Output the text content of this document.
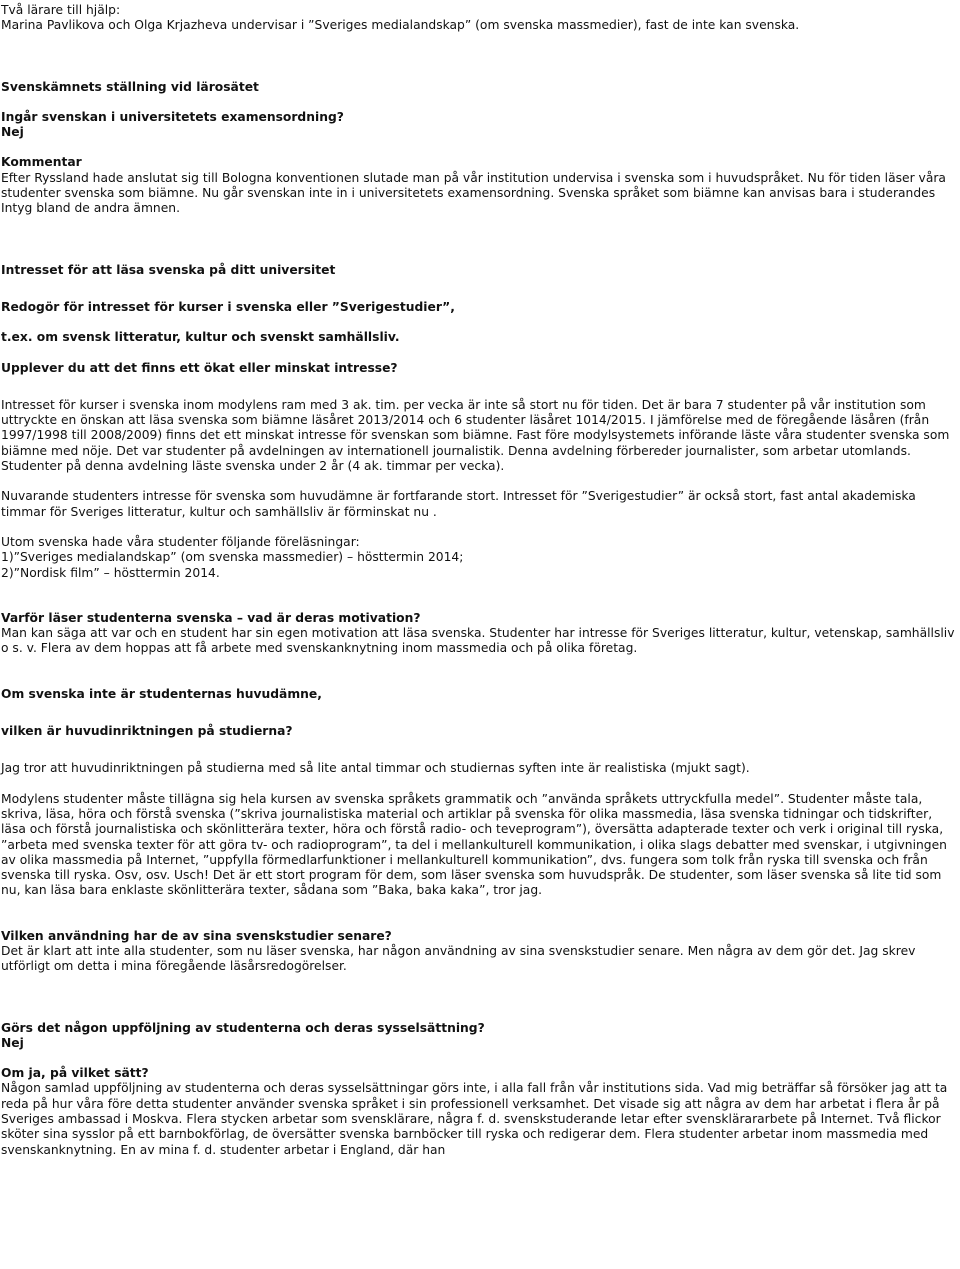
Två lärare till hjälp:

Marina Pavlikova och Olga Krjazheva undervisar i ”Sveriges medialandskap” (om svenska massmedier), fast de inte kan svenska.

Svenskämnets ställning vid lärosätet

Ingår svenskan i universitetets examensordning?

Nej

Kommentar

Efter Ryssland hade anslutat sig till Bologna konventionen slutade man på vår institution undervisa i svenska som i huvudspråket. Nu för tiden läser våra studenter svenska som biämne. Nu går svenskan inte in i universitetets examensordning. Svenska språket som biämne kan anvisas bara i studerandes Intyg bland de andra ämnen.

Intresset för att läsa svenska på ditt universitet

Redogör för intresset för kurser i svenska eller ”Sverigestudier”,

t.ex. om svensk litteratur, kultur och svenskt samhällsliv.

Upplever du att det finns ett ökat eller minskat intresse?

Intresset för kurser i svenska inom modylens ram med 3 ak. tim. per vecka är inte så stort nu för tiden. Det är bara 7 studenter på vår institution som uttryckte en önskan att läsa svenska som biämne läsåret 2013/2014 och 6 studenter läsåret 1014/2015. I jämförelse med de föregående läsåren (från 1997/1998 till 2008/2009) finns det ett minskat intresse för svenskan som biämne. Fast före modylsystemets införande läste våra studenter svenska som biämne med nöje. Det var studenter på avdelningen av internationell journalistik. Denna avdelning förbereder journalister, som arbetar utomlands. Studenter på denna avdelning läste svenska under 2 år (4 ak. timmar per vecka).

Nuvarande studenters intresse för svenska som huvudämne är fortfarande stort. Intresset för ”Sverigestudier” är också stort, fast antal akademiska timmar för Sveriges litteratur, kultur och samhällsliv är förminskat nu .

Utom svenska hade våra studenter följande föreläsningar:

1)”Sveriges medialandskap” (om svenska massmedier) – hösttermin 2014;

2)”Nordisk film” – hösttermin 2014.

Varför läser studenterna svenska – vad är deras motivation?

Man kan säga att var och en student har sin egen motivation att läsa svenska. Studenter har intresse för Sveriges litteratur, kultur, vetenskap, samhällsliv o s. v. Flera av dem hoppas att få arbete med svenskanknytning inom massmedia och på olika företag.

Om svenska inte är studenternas huvudämne,

vilken är huvudinriktningen på studierna?

Jag tror att huvudinriktningen på studierna med så lite antal timmar och studiernas syften inte är realistiska (mjukt sagt).

Modylens studenter måste tillägna sig hela kursen av svenska språkets grammatik och ”använda språkets uttryckfulla medel”. Studenter måste tala, skriva, läsa, höra och förstå svenska (”skriva journalistiska material och artiklar på svenska för olika massmedia, läsa svenska tidningar och tidskrifter, läsa och förstå journalistiska och skönlitterära texter, höra och förstå radio- och teveprogram”), översätta adapterade texter och verk i original till ryska, ”arbeta med svenska texter för att göra tv- och radioprogram”, ta del i mellankulturell kommunikation, i olika slags debatter med svenskar, i utgivningen av olika massmedia på Internet, ”uppfylla förmedlarfunktioner i mellankulturell kommunikation”, dvs. fungera som tolk från ryska till svenska och från svenska till ryska. Osv, osv. Usch! Det är ett stort program för dem, som läser svenska som huvudspråk. De studenter, som läser svenska så lite tid som nu, kan läsa bara enklaste skönlitterära texter, sådana som ”Baka, baka kaka”, tror jag.

Vilken användning har de av sina svenskstudier senare?

Det är klart att inte alla studenter, som nu läser svenska, har någon användning av sina svenskstudier senare. Men några av dem gör det. Jag skrev utförligt om detta i mina föregående läsårsredogörelser.

Görs det någon uppföljning av studenterna och deras sysselsättning?

Nej

Om ja, på vilket sätt?

Någon samlad uppföljning av studenterna och deras sysselsättningar görs inte, i alla fall från vår institutions sida. Vad mig beträffar så försöker jag att ta reda på hur våra före detta studenter använder svenska språket i sin professionell verksamhet. Det visade sig att några av dem har arbetat i flera år på Sveriges ambassad i Moskva. Flera stycken arbetar som svensklärare, några f. d. svenskstuderande letar efter svensklärararbete på Internet. Två flickor sköter sina sysslor på ett barnbokförlag, de översätter svenska barnböcker till ryska och redigerar dem. Flera studenter arbetar inom massmedia med svenskanknytning. En av mina f. d. studenter arbetar i England, där han
